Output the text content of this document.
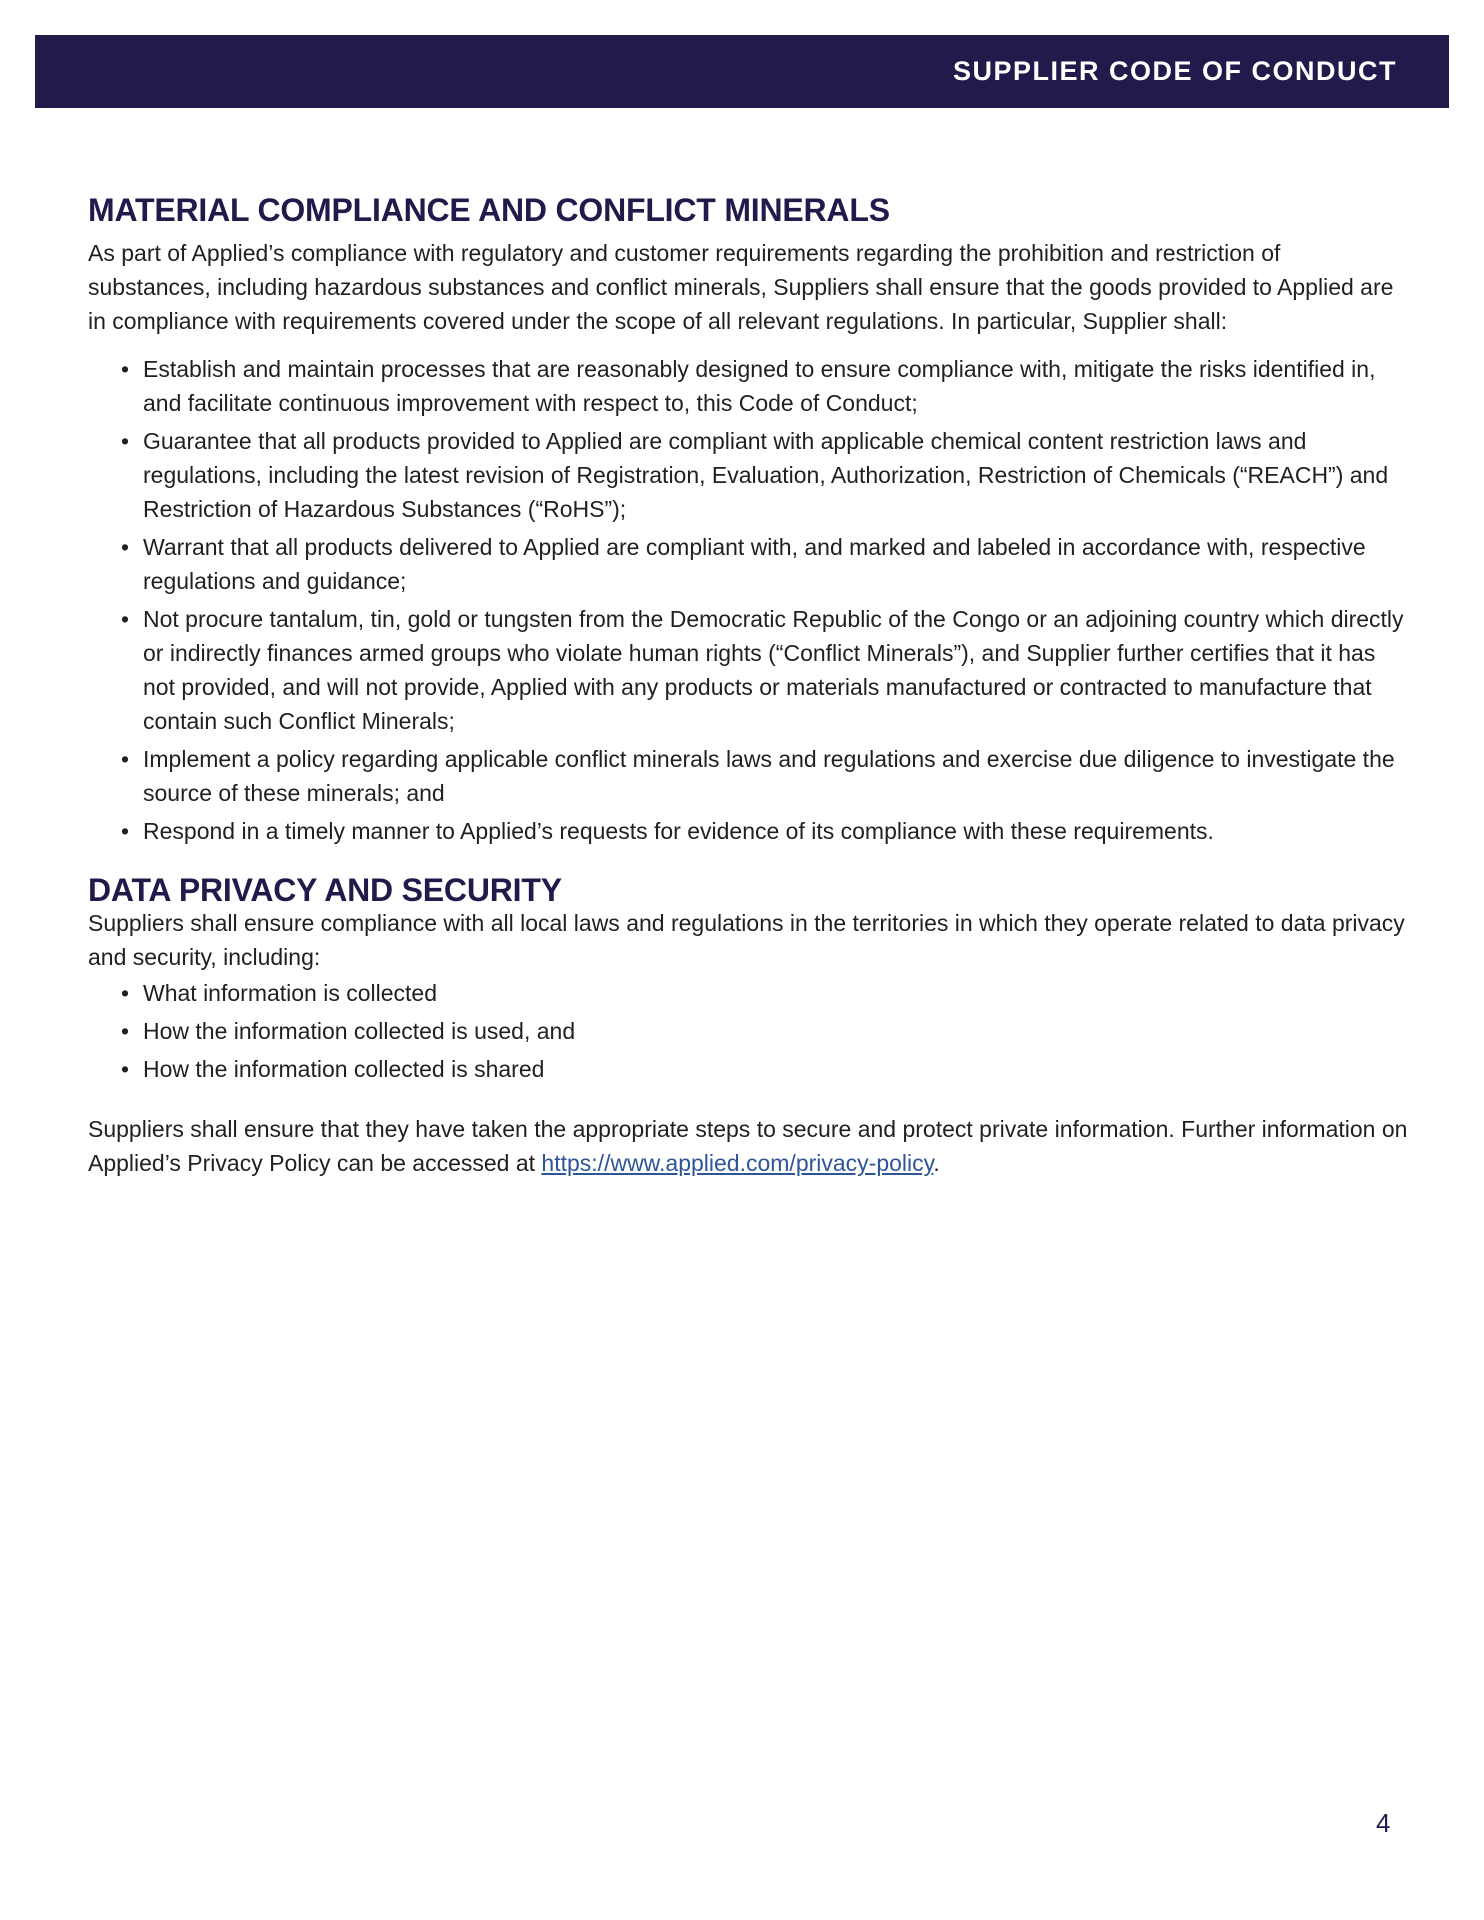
SUPPLIER CODE OF CONDUCT
MATERIAL COMPLIANCE AND CONFLICT MINERALS

As part of Applied’s compliance with regulatory and customer requirements regarding the prohibition and restriction of substances, including hazardous substances and conflict minerals, Suppliers shall ensure that the goods provided to Applied are in compliance with requirements covered under the scope of all relevant regulations. In particular, Supplier shall:

• Establish and maintain processes that are reasonably designed to ensure compliance with, mitigate the risks identified in, and facilitate continuous improvement with respect to, this Code of Conduct;
• Guarantee that all products provided to Applied are compliant with applicable chemical content restriction laws and regulations, including the latest revision of Registration, Evaluation, Authorization, Restriction of Chemicals (“REACH”) and Restriction of Hazardous Substances (“RoHS”);
• Warrant that all products delivered to Applied are compliant with, and marked and labeled in accordance with, respective regulations and guidance;
• Not procure tantalum, tin, gold or tungsten from the Democratic Republic of the Congo or an adjoining country which directly or indirectly finances armed groups who violate human rights (“Conflict Minerals”), and Supplier further certifies that it has not provided, and will not provide, Applied with any products or materials manufactured or contracted to manufacture that contain such Conflict Minerals;
• Implement a policy regarding applicable conflict minerals laws and regulations and exercise due diligence to investigate the source of these minerals; and
• Respond in a timely manner to Applied’s requests for evidence of its compliance with these requirements.
DATA PRIVACY AND SECURITY

Suppliers shall ensure compliance with all local laws and regulations in the territories in which they operate related to data privacy and security, including:

• What information is collected
• How the information collected is used, and
• How the information collected is shared

Suppliers shall ensure that they have taken the appropriate steps to secure and protect private information. Further information on Applied’s Privacy Policy can be accessed at https://www.applied.com/privacy-policy.

4
